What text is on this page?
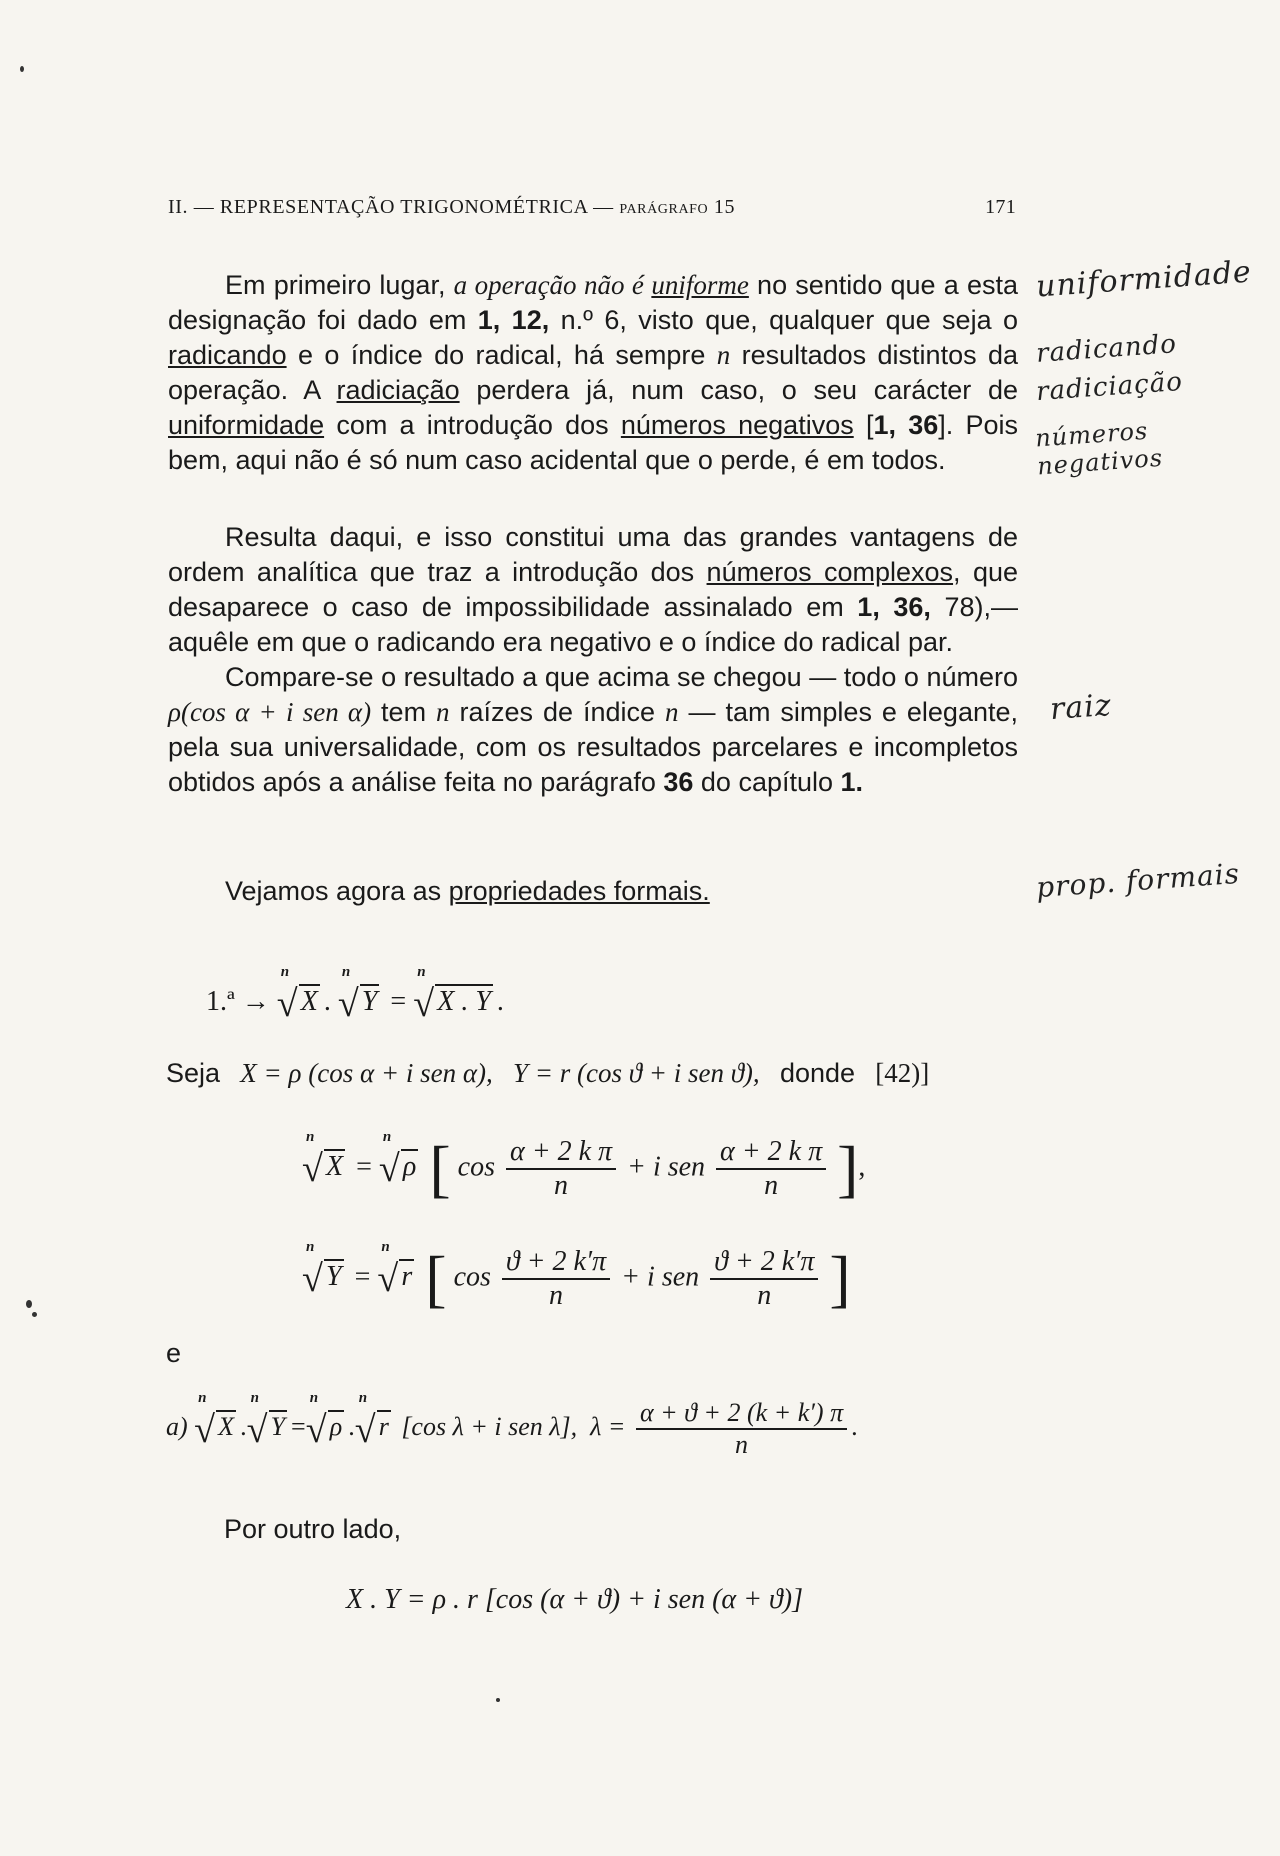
II. — REPRESENTAÇÃO TRIGONOMÉTRICA — parágrafo 15	171

Em primeiro lugar, a operação não é uniforme no sentido que a esta designação foi dado em 1, 12, n.º 6, visto que, qualquer que seja o radicando e o índice do radical, há sempre n resultados distintos da operação. A radiciação perdera já, num caso, o seu carácter de uniformidade com a introdução dos números negativos [1, 36]. Pois bem, aqui não é só num caso acidental que o perde, é em todos.

Resulta daqui, e isso constitui uma das grandes vantagens de ordem analítica que traz a introdução dos números complexos, que desaparece o caso de impossibilidade assinalado em 1, 36, 78),— aquêle em que o radicando era negativo e o índice do radical par.

Compare-se o resultado a que acima se chegou — todo o número ρ(cos α + i sen α) tem n raízes de índice n — tam simples e elegante, pela sua universalidade, com os resultados parcelares e incompletos obtidos após a análise feita no parágrafo 36 do capítulo 1.

Vejamos agora as propriedades formais.

uniformidade
radicando
radiciação
números negativos
raiz
prop. formais
1.ª →
n
√ X .
n
√ Y =
n
√ X . Y .
Seja X = ρ (cos α + i sen α), Y = r (cos ϑ + i sen ϑ), donde [42)]
n
√ X =
n
√ ρ [ $\cos \frac{\text{α + 2 k π}}{n} + i$ sen $\frac{\text{α + 2 k π}}{n}$ ],
n
√ Y =
n
√ r [ $\cos \frac{ϑ + 2 k'\pi}{n} + i$ sen $\frac{ϑ + 2 k'\pi}{n}$ ]
e
a)
n
√ X .
n
√ Y =
n
√ ρ .
n
√ r [cos λ + i sen λ], $\lambda = \frac{\alpha + ϑ + 2 (k + k') \pi}{n}$ .
Por outro lado,
X . Y = ρ . r [cos (α + ϑ) + i sen (α + ϑ)]
